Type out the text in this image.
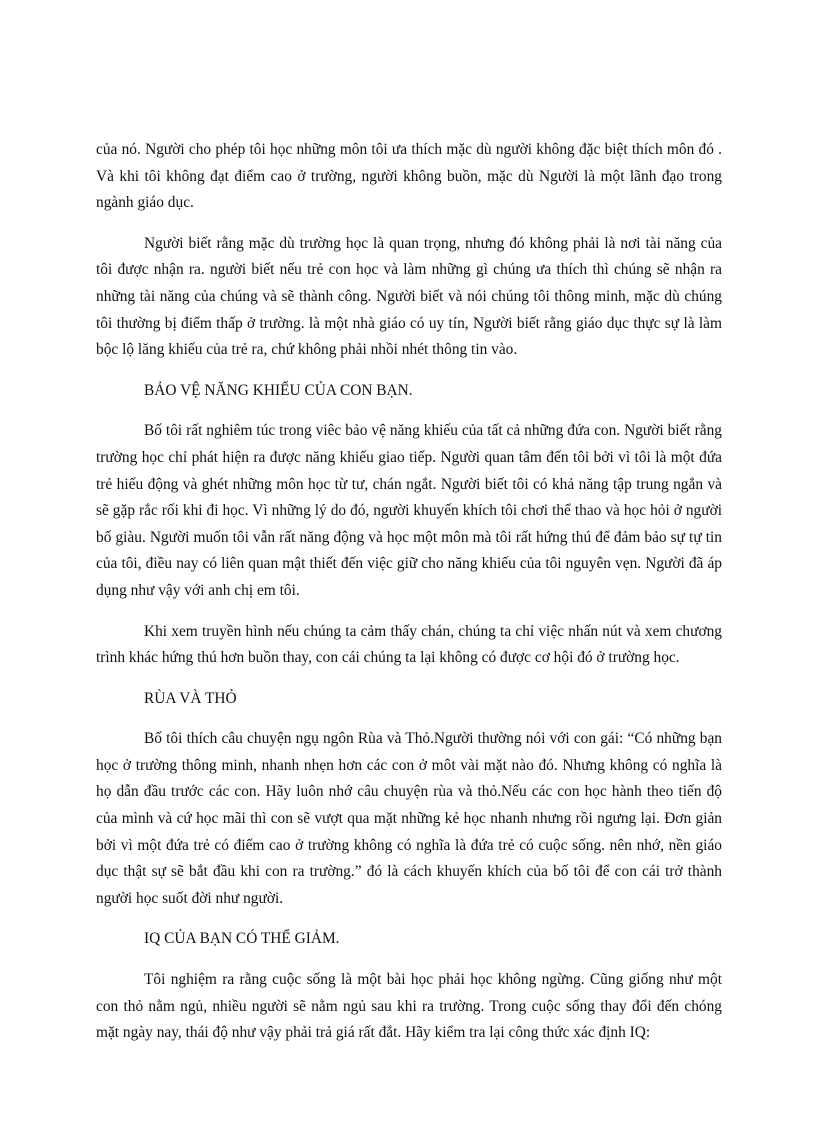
của nó. Người cho phép tôi học những môn tôi ưa thích mặc dù người không đặc biệt thích môn đó . Và khi tôi không đạt điểm cao ở trường, người không buồn, mặc dù Người là một lãnh đạo trong ngành giáo dục.

Người biết rằng mặc dù trường học là quan trọng, nhưng đó không phải là nơi tài năng của tôi được nhận ra. người biết nếu trẻ con học và làm những gì chúng ưa thích thì chúng sẽ nhận ra những tài năng của chúng và sẽ thành công. Người biết và nói chúng tôi thông minh, mặc dù chúng tôi thường bị điểm thấp ở trường. là một nhà giáo có uy tín, Người biết rằng giáo dục thực sự là làm bộc lộ lăng khiếu của trẻ ra, chứ không phải nhồi nhét thông tin vào.

BẢO VỆ NĂNG KHIẾU CỦA CON BẠN.

Bố tôi rất nghiêm túc trong viêc bảo vệ năng khiếu của tất cả những đứa con. Người biết rằng trường học chỉ phát hiện ra được năng khiếu giao tiếp. Người quan tâm đến tôi bởi vì tôi là một đứa trẻ hiếu động và ghét những môn học từ tư, chán ngắt. Người biết tôi có khả năng tập trung ngắn và sẽ gặp rắc rối khi đi học. Vì những lý do đó, người khuyến khích tôi chơi thể thao và học hỏi ở người bố giàu. Người muốn tôi vẫn rất năng động và học một môn mà tôi rất hứng thú để đảm bảo sự tự tin của tôi, điều nay có liên quan mật thiết đến việc giữ cho năng khiếu của tôi nguyên vẹn. Người đã áp dụng như vậy với anh chị em tôi.

Khi xem truyền hình nếu chúng ta cảm thấy chán, chúng ta chỉ việc nhấn nút và xem chương trình khác hứng thú hơn buồn thay, con cái chúng ta lại không có được cơ hội đó ở trường học.

RÙA VÀ THỎ

Bố tôi thích câu chuyện ngụ ngôn Rùa và Thỏ.Người thường nói với con gái: “Có những bạn học ở trường thông minh, nhanh nhẹn hơn các con ở môt vài mặt nào đó. Nhưng không có nghĩa là họ dẫn đầu trước các con. Hãy luôn nhớ câu chuyện rùa và thỏ.Nếu các con học hành theo tiến độ của mình và cứ học mãi thì con sẽ vượt qua mặt những kẻ học nhanh nhưng rồi ngưng lại. Đơn giản bởi vì một đứa trẻ có điểm cao ở trường không có nghĩa là đứa trẻ có cuộc sống. nên nhớ, nền giáo dục thật sự sẽ bắt đầu khi con ra trường.” đó là cách khuyến khích của bố tôi để con cái trở thành người học suốt đời như người.

IQ CỦA BẠN CÓ THỂ GIẢM.

Tôi nghiệm ra rằng cuộc sống là một bài học phải học không ngừng. Cũng giống như một con thỏ nằm ngủ, nhiều người sẽ nằm ngủ sau khi ra trường. Trong cuộc sống thay đổi đến chóng mặt ngày nay, thái độ như vậy phải trả giá rất đắt. Hãy kiểm tra lại công thức xác định IQ:
